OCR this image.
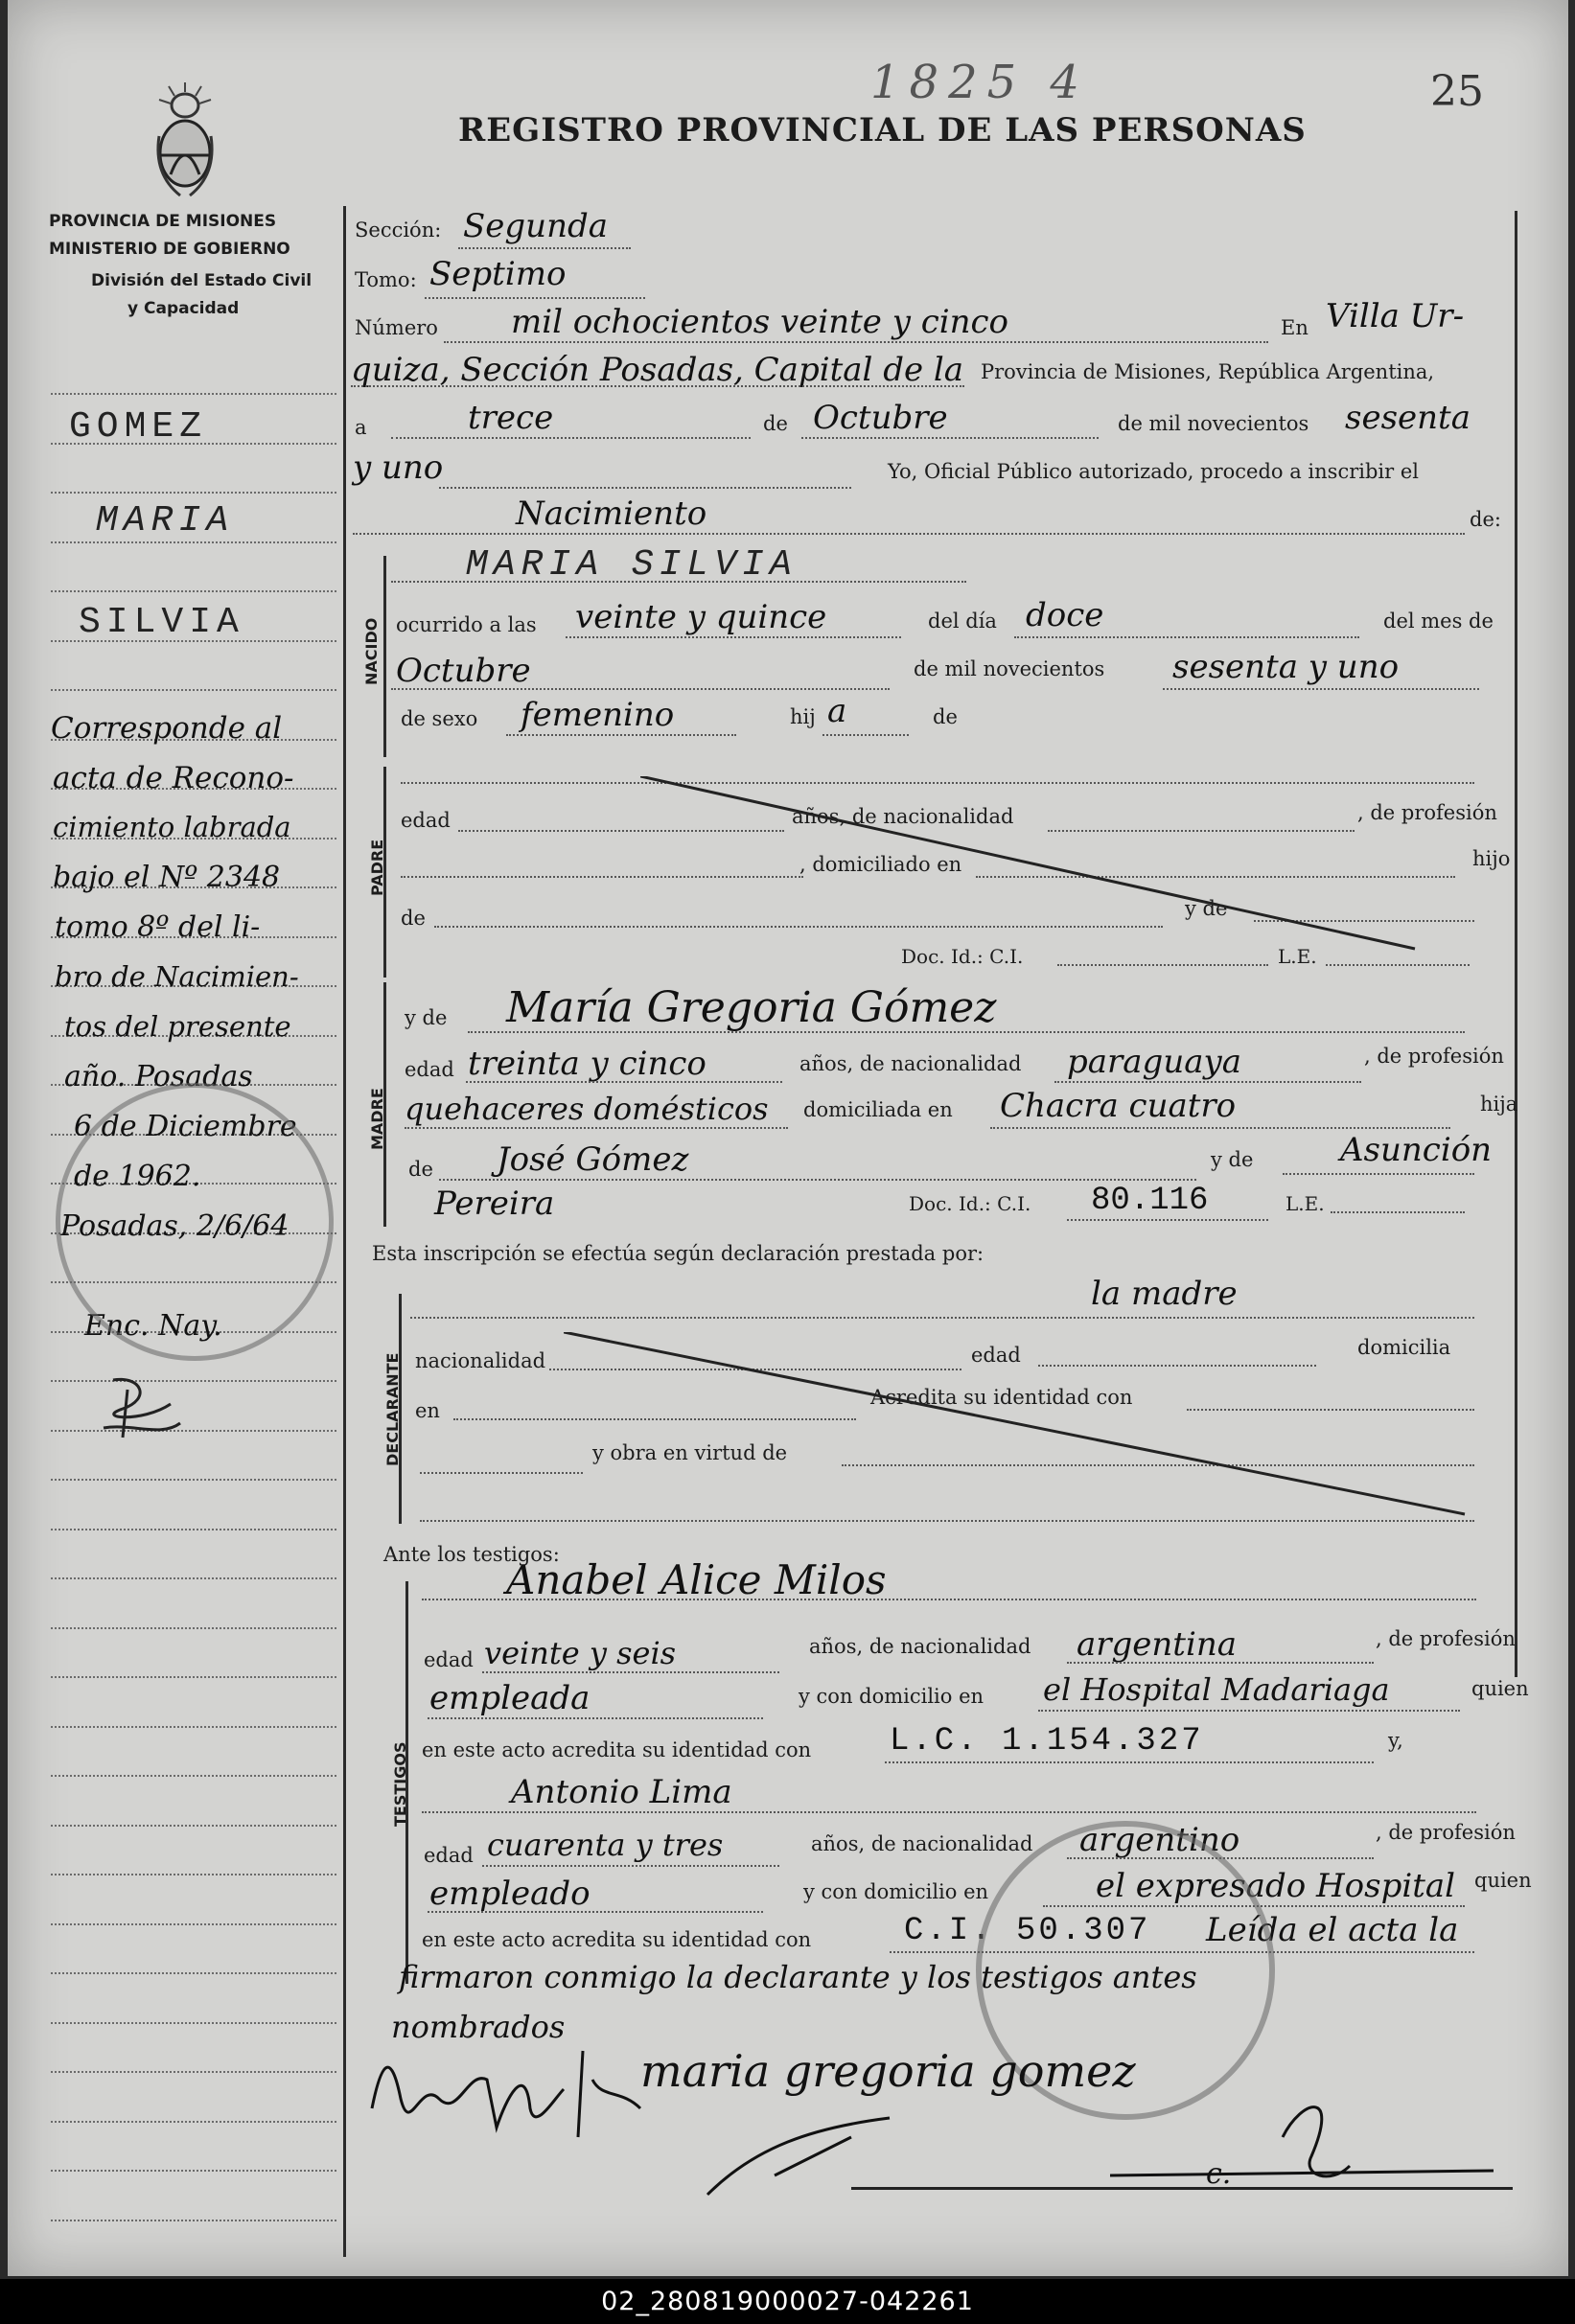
PROVINCIA DE MISIONES
MINISTERIO DE GOBIERNO
División del Estado Civil
y Capacidad
1825 4	25
REGISTRO PROVINCIAL DE LAS PERSONAS
GOMEZ
MARIA
SILVIA
Corresponde al
acta de Recono-
cimiento labrada
bajo el Nº 2348
tomo 8º del li-
bro de Nacimien-
tos del presente
año. Posadas
6 de Diciembre
de 1962.
Posadas, 2/6/64
Enc. Nay.
Sección: Segunda
Tomo: Septimo
Número mil ochocientos veinte y cinco	En Villa Ur-
quiza, Sección Posadas, Capital de la Provincia de Misiones, República Argentina,
a	trece	de Octubre	de mil novecientos sesenta
y uno	Yo, Oficial Público autorizado, procedo a inscribir el
Nacimiento	de:
NACIDO
MARIA SILVIA
ocurrido a las veinte y quince	del día doce	del mes de
Octubre	de mil novecientos sesenta y uno
de sexo femenino	hij a	de
PADRE
edad	años, de nacionalidad	, de profesión
, domiciliado en	hijo
de	y de
Doc. Id.: C.I.	L.E.
MADRE
y de María Gregoria Gómez
edad treinta y cinco	años, de nacionalidad paraguaya	, de profesión
quehaceres domésticos domiciliada en Chacra cuatro	hija
de José Gómez	y de	Asunción
Pereira	Doc. Id.: C.I. 80.116	L.E.
Esta inscripción se efectúa según declaración prestada por:
la madre
DECLARANTE nacionalidad	edad	domicilia
en
Acredita su identidad con
y obra en virtud de
Ante los testigos:
Anabel Alice Milos
TESTIGOS
edad veinte y seis	años, de nacionalidad argentina	, de profesión
empleada	y con domicilio en el Hospital Madariaga	quien
en este acto acredita su identidad con L.C. 1.154.327	y,
Antonio Lima
edad cuarenta y tres	años, de nacionalidad argentino	, de profesión
empleado	y con domicilio en	el expresado Hospital quien
en este acto acredita su identidad con	C.I. 50.307 Leída el acta la
firmaron conmigo la declarante y los testigos antes
nombrados
maria gregoria gomez
c.
02_280819000027-042261
